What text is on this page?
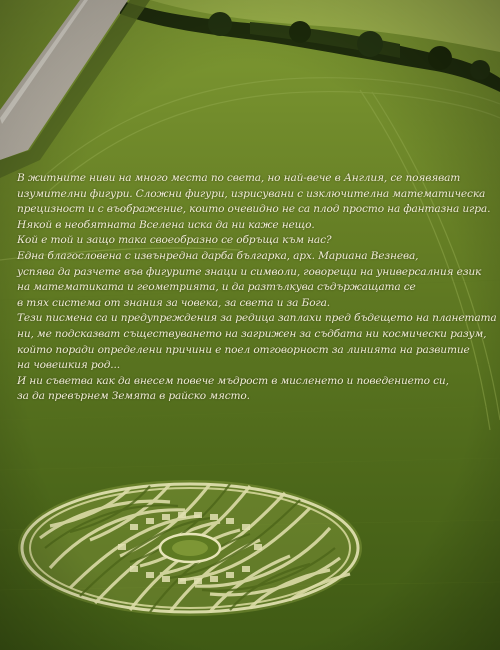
В житните ниви на много места по света, но най-вече в Англия, се появяват
изумителни фигури. Сложни фигури, изрисувани с изключителна математическа
прецизност и с въображение, които очевидно не са плод просто на фантазна игра.
Някой в необятната Вселена иска да ни каже нещо.
Кой е той и защо така своеобразно се обръща към нас?
Една благословена с извънредна дарба българка, арх. Мариана Везнева,
успява да разчете във фигурите знаци и символи, говорещи на универсалния език
на математиката и геометрията, и да разтълкува съдържащата се
в тях система от знания за човека, за света и за Бога.
Тези писмена са и предупреждения за редица заплахи пред бъдещето на планетата
ни, ме подсказват съществуването на загрижен за съдбата ни космически разум,
който поради определени причини е поел отговорност за линията на развитие
на човешкия род...
И ни съветва как да внесем повече мъдрост в мисленето и поведението си,
за да превърнем Земята в райско място.
